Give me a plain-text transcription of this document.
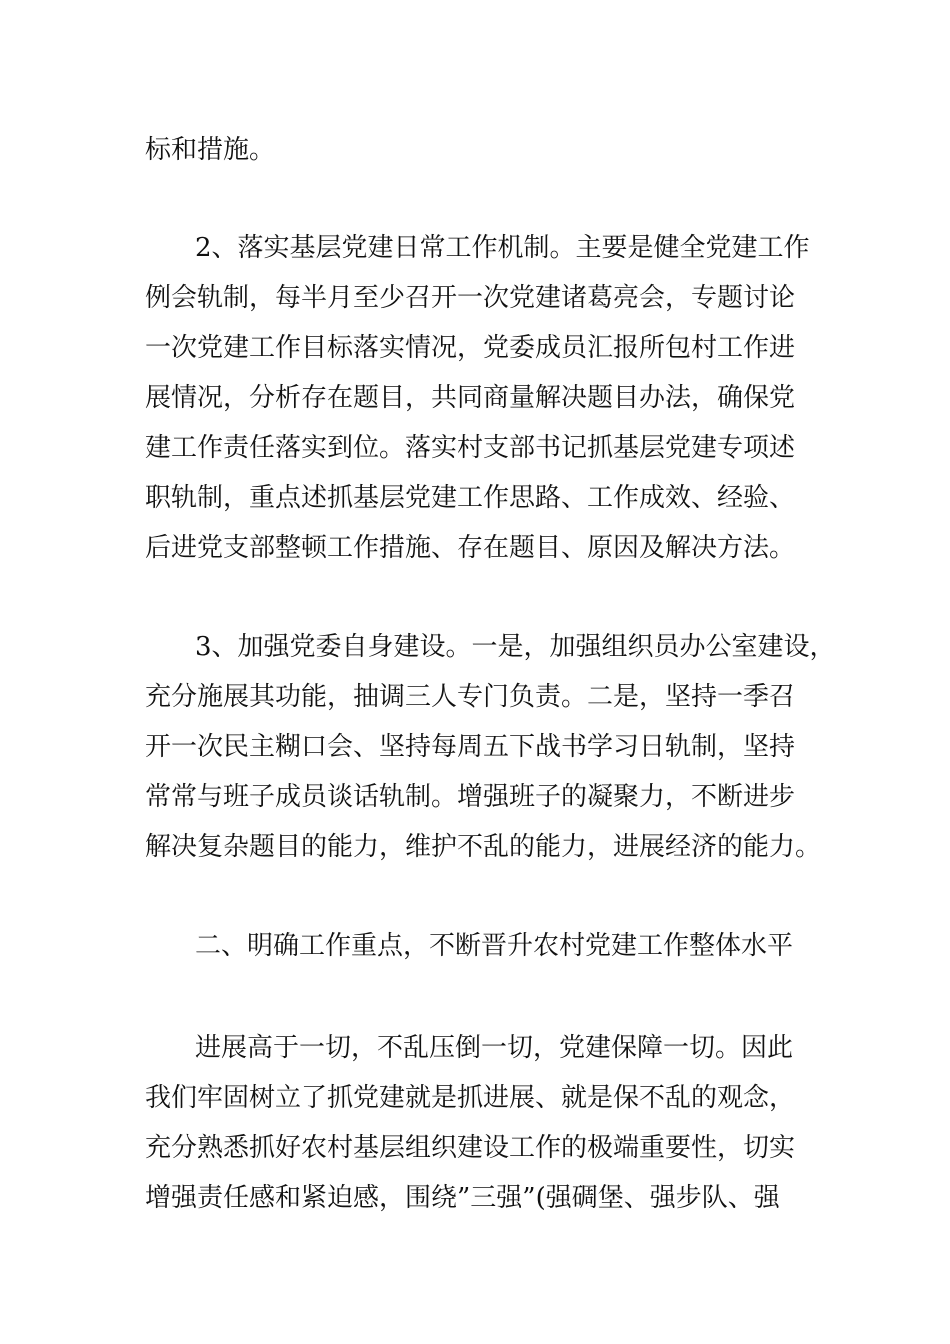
标和措施。
2、落实基层党建日常工作机制。主要是健全党建工作
例会轨制，每半月至少召开一次党建诸葛亮会，专题讨论
一次党建工作目标落实情况，党委成员汇报所包村工作进
展情况，分析存在题目，共同商量解决题目办法，确保党
建工作责任落实到位。落实村支部书记抓基层党建专项述
职轨制，重点述抓基层党建工作思路、工作成效、经验、
后进党支部整顿工作措施、存在题目、原因及解决方法。
3、加强党委自身建设。一是，加强组织员办公室建设，
充分施展其功能，抽调三人专门负责。二是，坚持一季召
开一次民主糊口会、坚持每周五下战书学习日轨制，坚持
常常与班子成员谈话轨制。增强班子的凝聚力，不断进步
解决复杂题目的能力，维护不乱的能力，进展经济的能力。
二、明确工作重点，不断晋升农村党建工作整体水平
进展高于一切，不乱压倒一切，党建保障一切。因此
我们牢固树立了抓党建就是抓进展、就是保不乱的观念，
充分熟悉抓好农村基层组织建设工作的极端重要性，切实
增强责任感和紧迫感，围绕”三强”(强碉堡、强步队、强
